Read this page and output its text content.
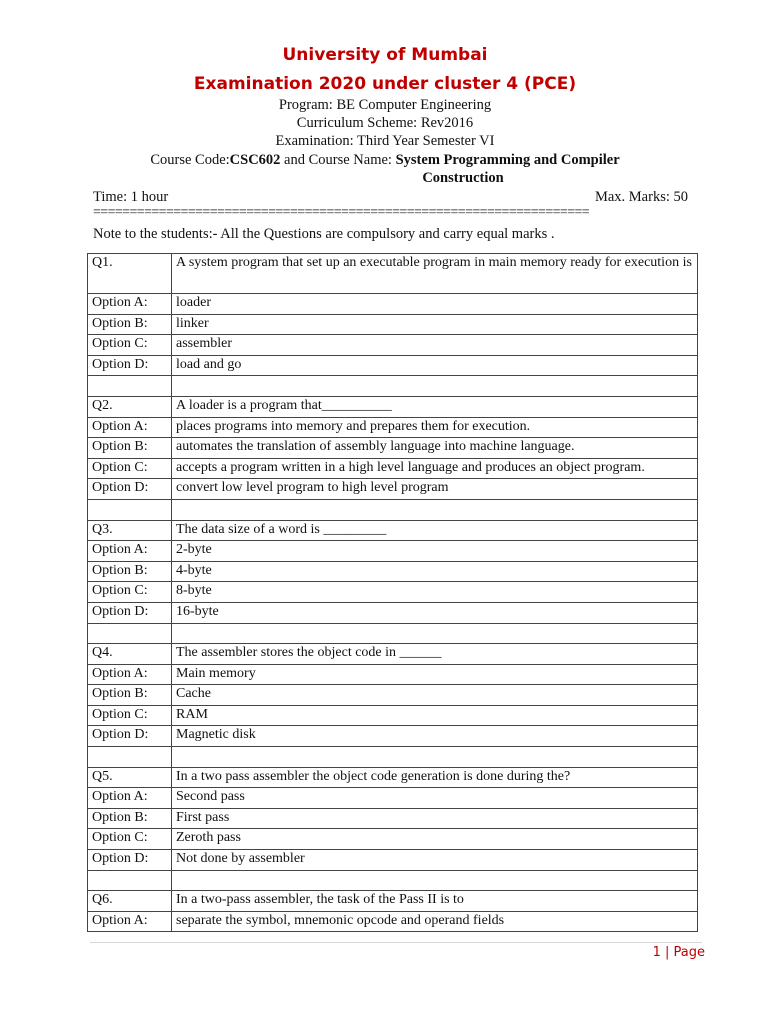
University of Mumbai
Examination 2020 under cluster 4 (PCE)
Program: BE Computer Engineering
Curriculum Scheme: Rev2016
Examination: Third Year Semester VI
Course Code:CSC602 and Course Name: System Programming and Compiler
Construction
Time: 1 hour	Max. Marks: 50
====================================================================
Note to the students:- All the Questions are compulsory and carry equal marks .
Q1.	A system program that set up an executable program in main memory ready for execution is
Option A:	loader
Option B:	linker
Option C:	assembler
Option D:	load and go

Q2.	A loader is a program that__________
Option A:	places programs into memory and prepares them for execution.
Option B:	automates the translation of assembly language into machine language.
Option C:	accepts a program written in a high level language and produces an object program.
Option D:	convert low level program to high level program

Q3.	The data size of a word is _________
Option A:	2-byte
Option B:	4-byte
Option C:	8-byte
Option D:	16-byte

Q4.	The assembler stores the object code in ______
Option A:	Main memory
Option B:	Cache
Option C:	RAM
Option D:	Magnetic disk

Q5.	In a two pass assembler the object code generation is done during the?
Option A:	Second pass
Option B:	First pass
Option C:	Zeroth pass
Option D:	Not done by assembler

Q6.	In a two-pass assembler, the task of the Pass II is to
Option A:	separate the symbol, mnemonic opcode and operand fields
1 | Page
